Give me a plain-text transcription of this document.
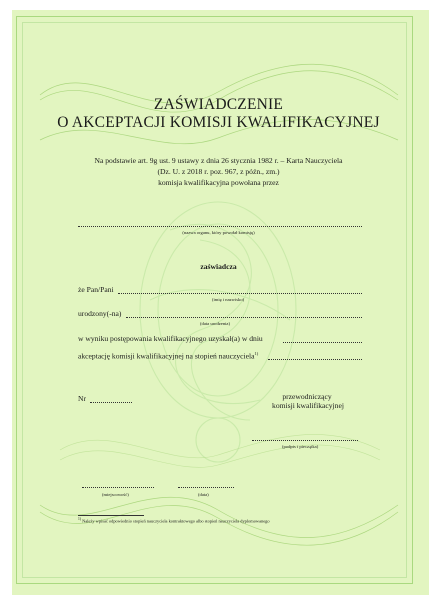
ZAŚWIADCZENIE
O AKCEPTACJI KOMISJI KWALIFIKACYJNEJ
Na podstawie art. 9g ust. 9 ustawy z dnia 26 stycznia 1982 r. – Karta Nauczyciela
(Dz. U. z 2018 r. poz. 967, z późn., zm.)
komisja kwalifikacyjna powołana przez
(nazwa organu, który powołał komisję)
zaświadcza
że Pan/Pani
(imię i nazwisko)
urodzony(-na)
(data urodzenia)
w wyniku postępowania kwalifikacyjnego uzyskał(a) w dniu
akceptację komisji kwalifikacyjnej na stopień nauczyciela$^{1)}$
Nr	przewodniczący
komisji kwalifikacyjnej
(podpis i pieczątka)
(miejscowość)	(data)
$^{1)}$ Należy wpisać odpowiednio stopień nauczyciela kontraktowego albo stopień nauczyciela dyplomowanego
